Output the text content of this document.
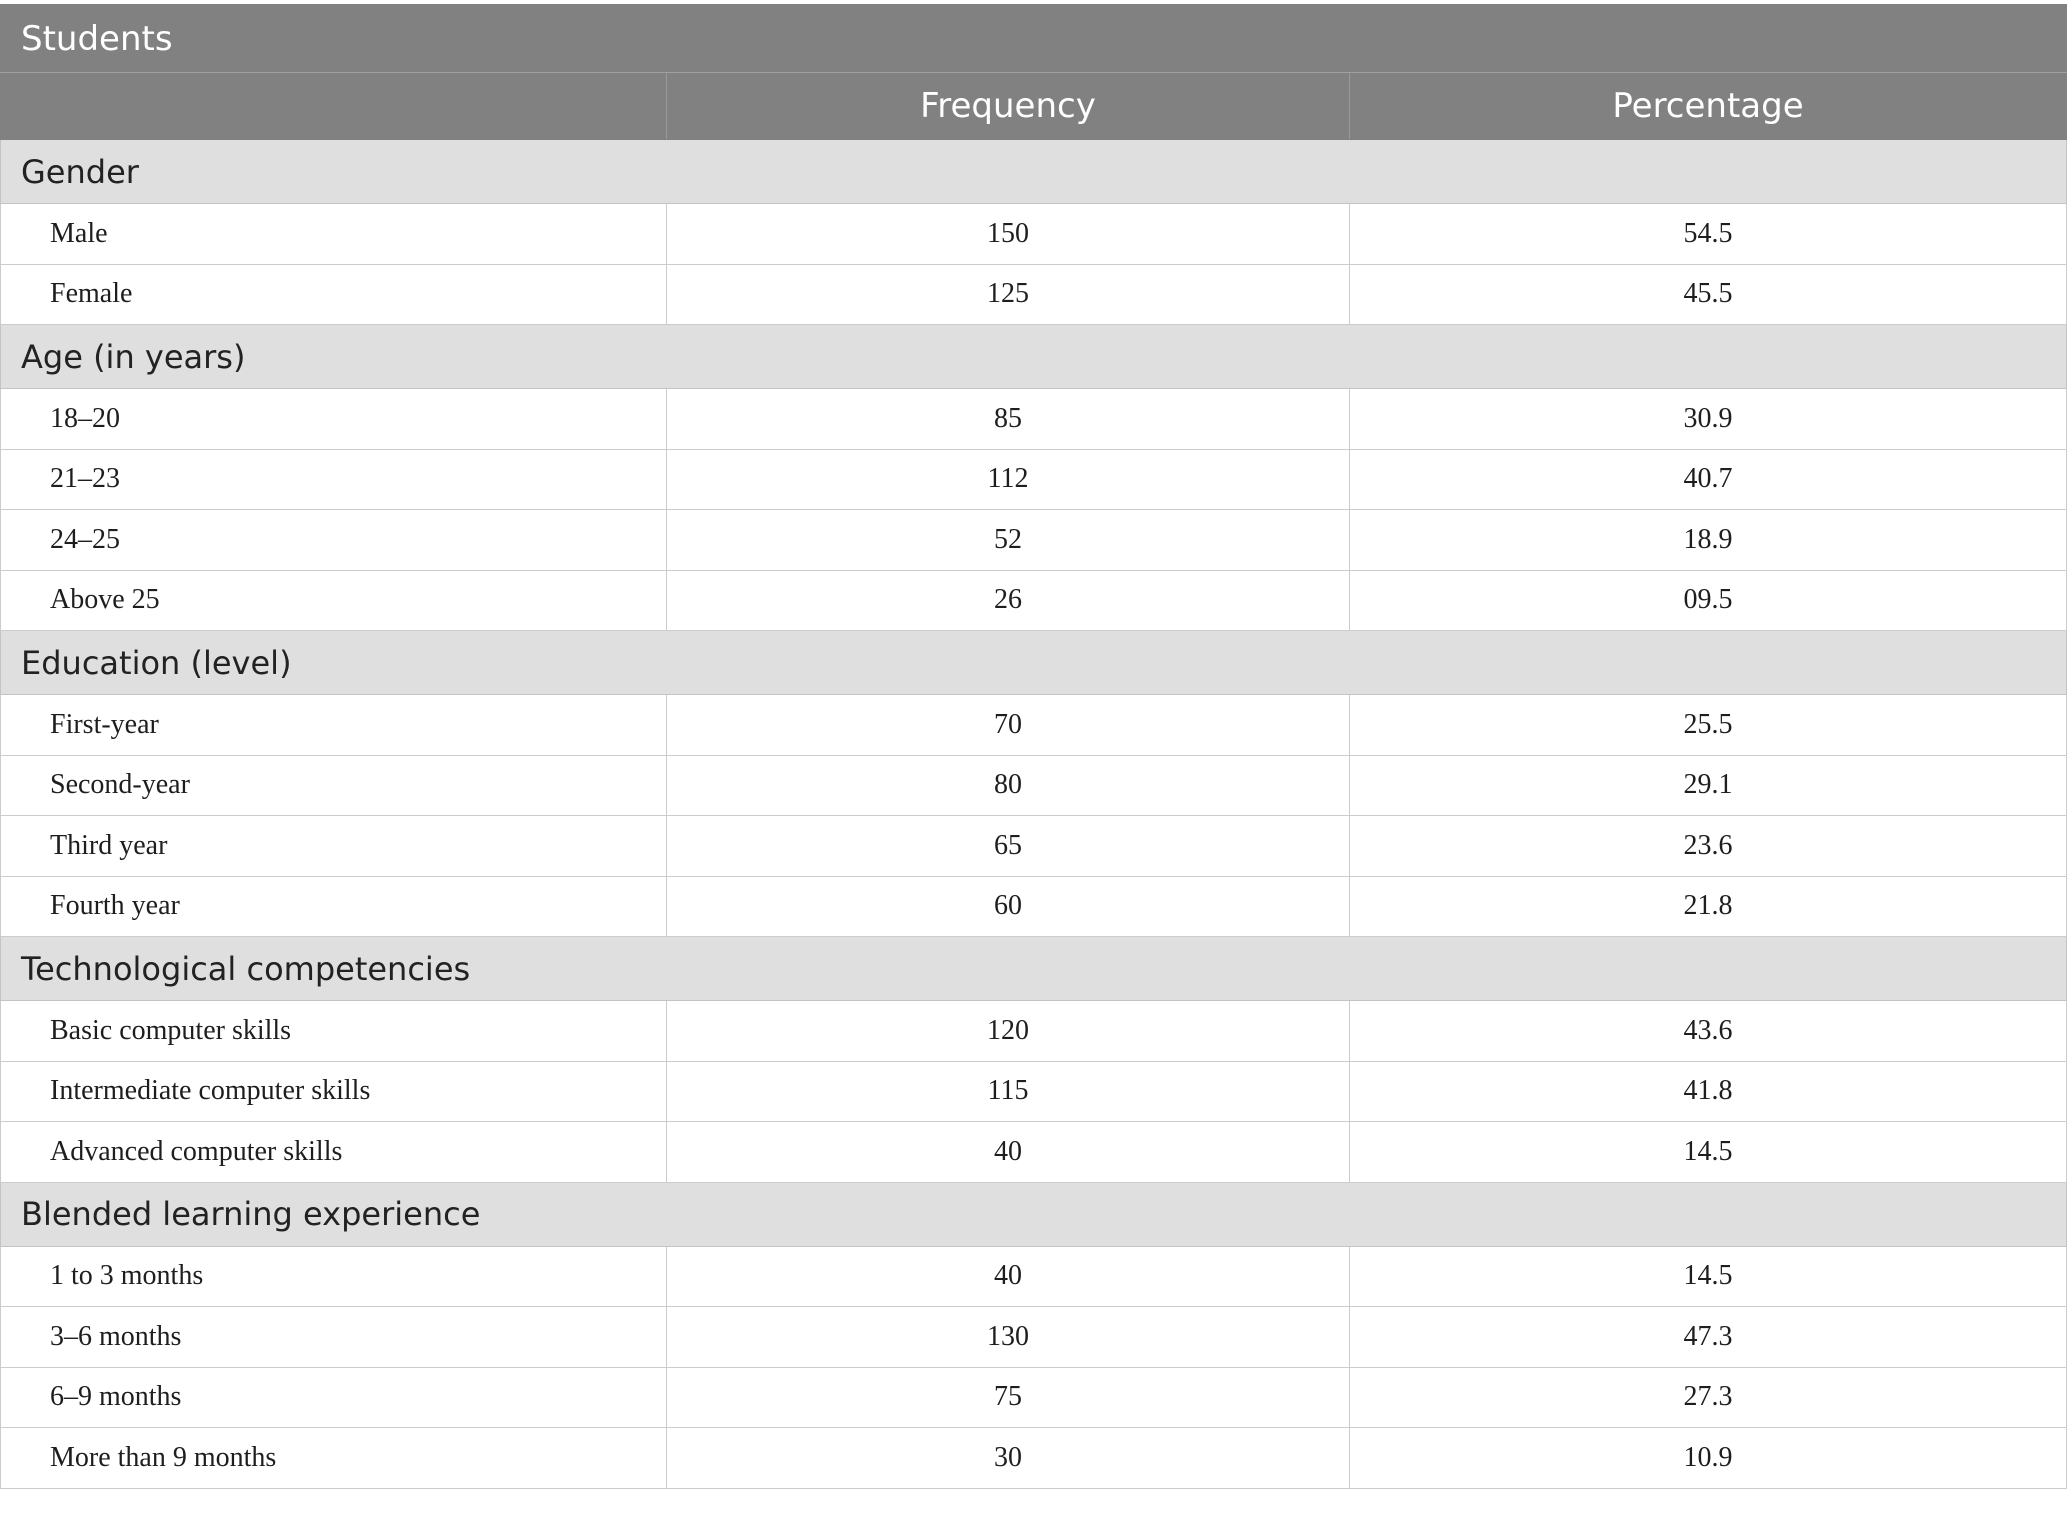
Students		
	Frequency	Percentage
Gender		
Male	150	54.5
Female	125	45.5
Age (in years)		
18–20	85	30.9
21–23	112	40.7
24–25	52	18.9
Above 25	26	09.5
Education (level)		
First-year	70	25.5
Second-year	80	29.1
Third year	65	23.6
Fourth year	60	21.8
Technological competencies		
Basic computer skills	120	43.6
Intermediate computer skills	115	41.8
Advanced computer skills	40	14.5
Blended learning experience		
1 to 3 months	40	14.5
3–6 months	130	47.3
6–9 months	75	27.3
More than 9 months	30	10.9
